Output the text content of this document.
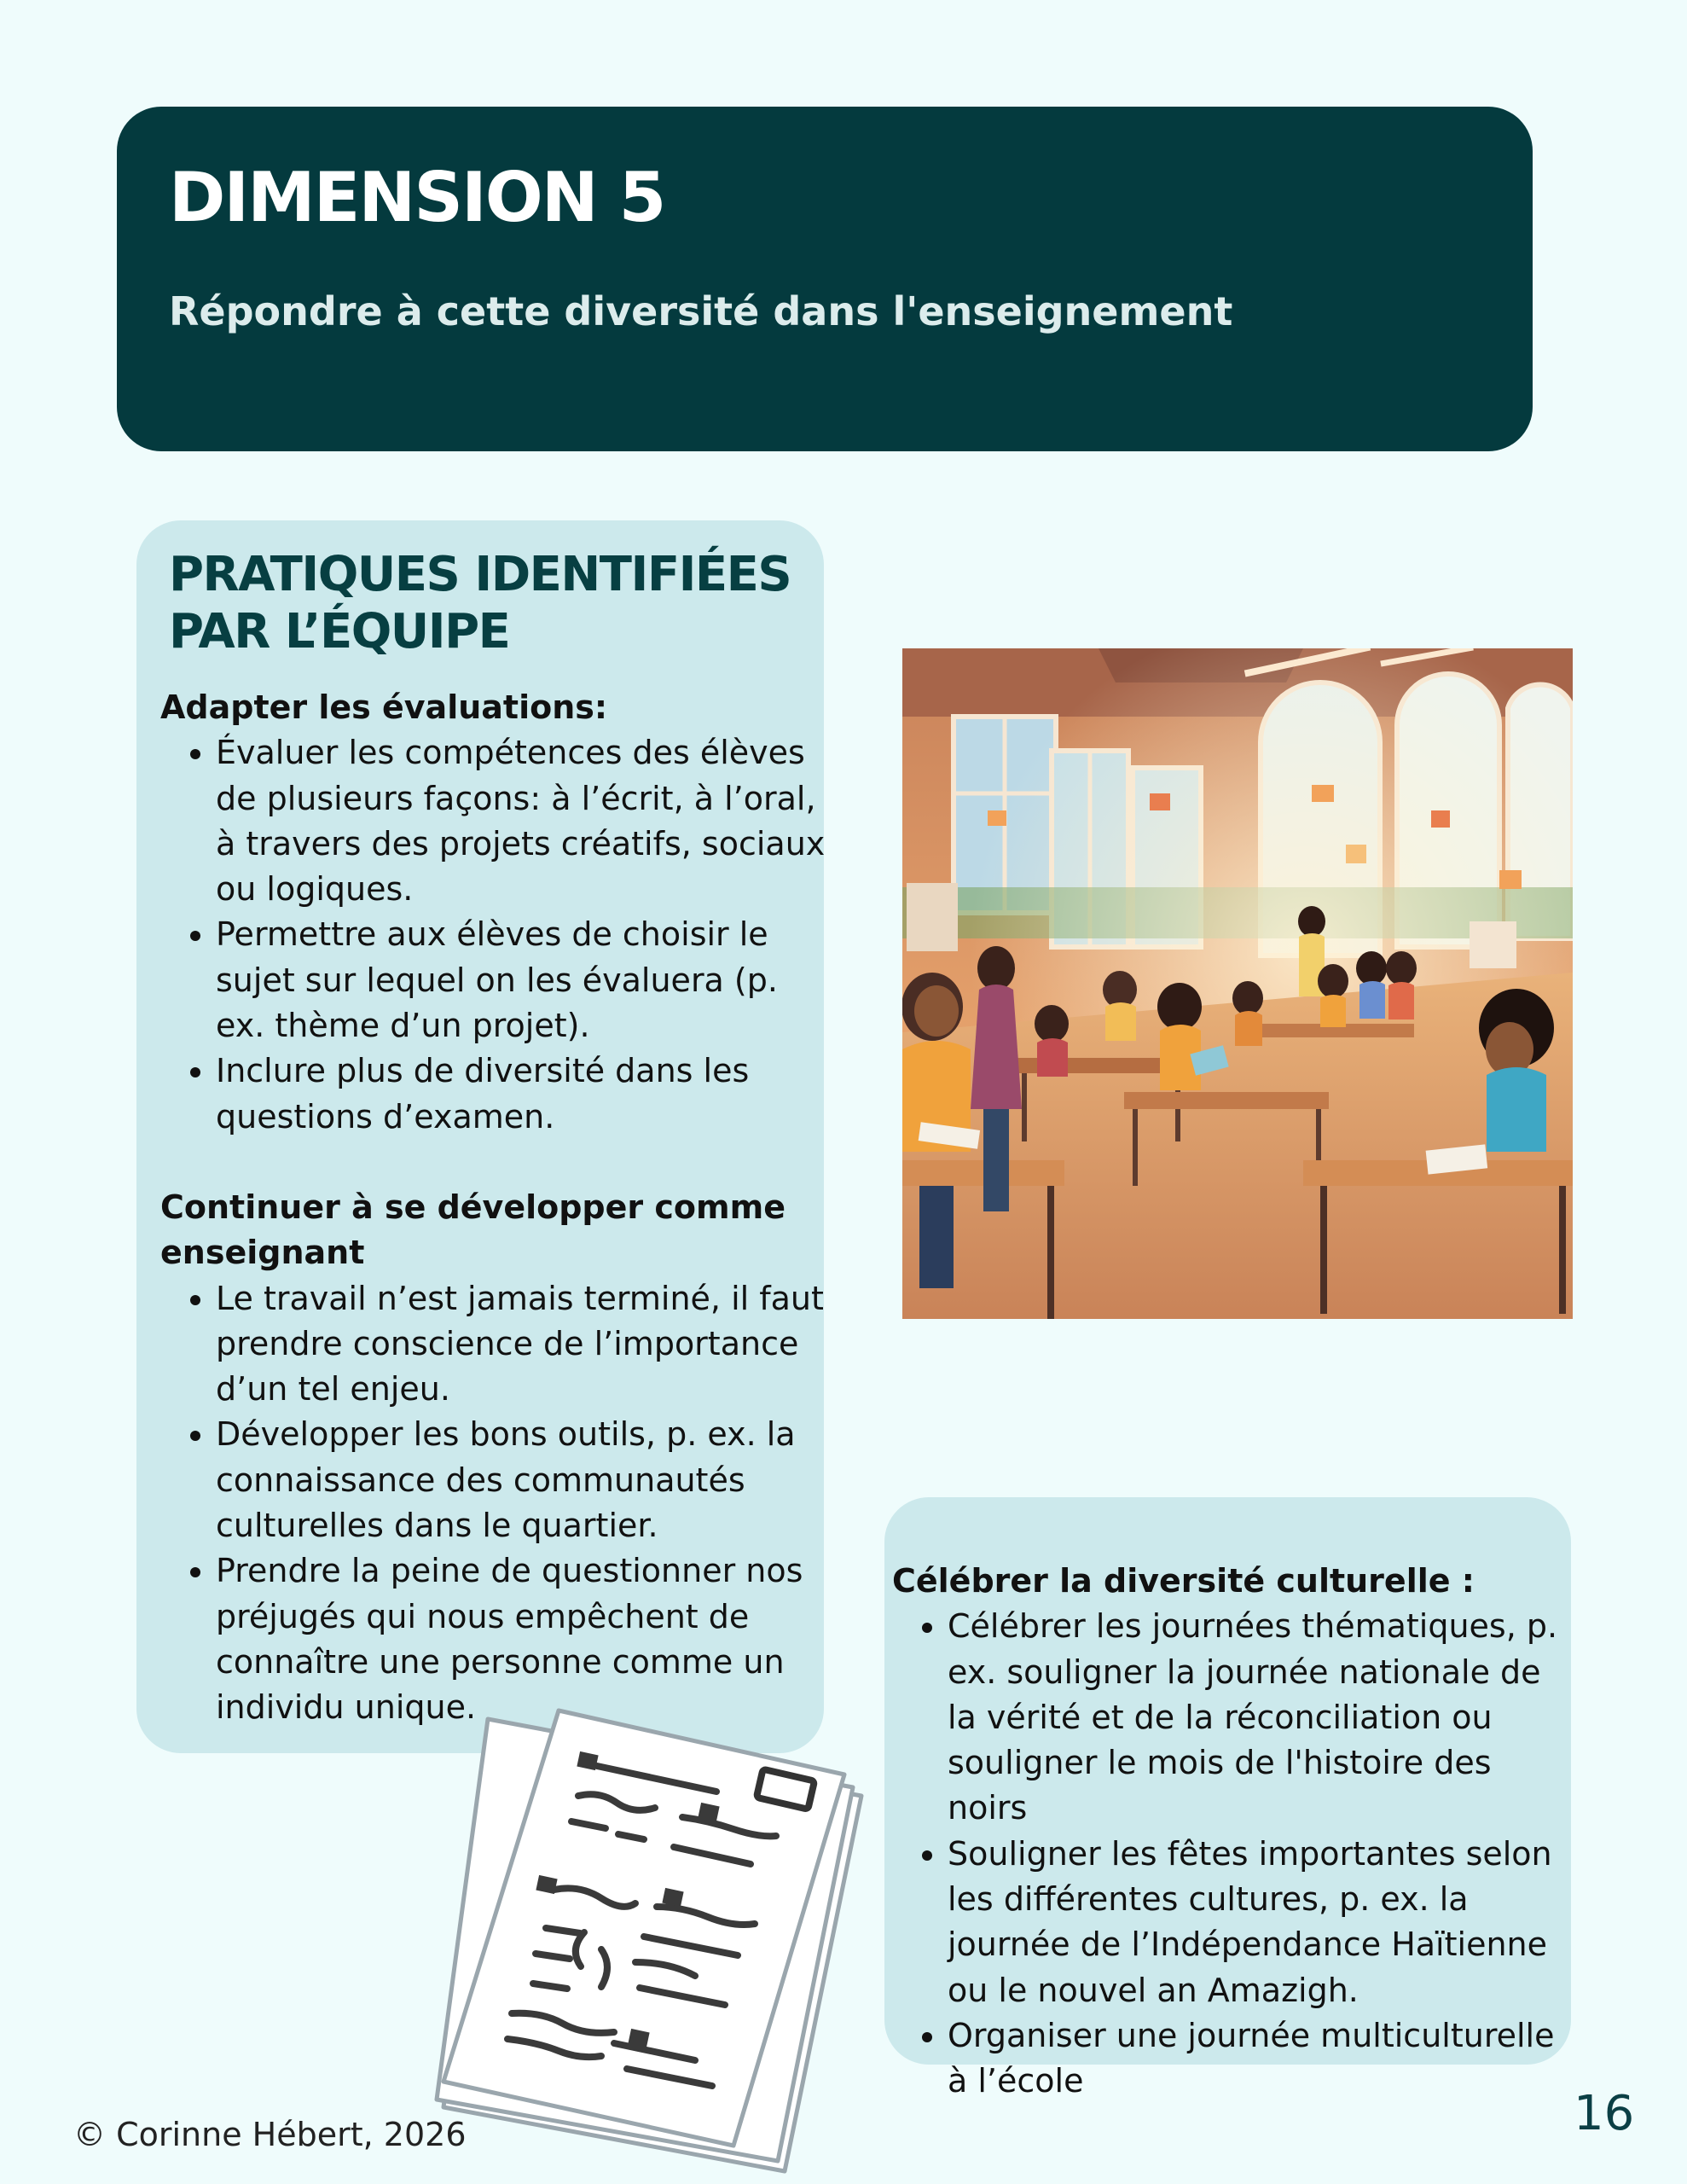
DIMENSION 5
Répondre à cette diversité dans l'enseignement
PRATIQUES IDENTIFIÉES
PAR L’ÉQUIPE

Adapter les évaluations:

• Évaluer les compétences des élèves de plusieurs façons: à l’écrit, à l’oral, à travers des projets créatifs, sociaux ou logiques.
• Permettre aux élèves de choisir le sujet sur lequel on les évaluera (p. ex. thème d’un projet).
• Inclure plus de diversité dans les questions d’examen.

Continuer à se développer comme enseignant

• Le travail n’est jamais terminé, il faut prendre conscience de l’importance d’un tel enjeu.
• Développer les bons outils, p. ex. la connaissance des communautés culturelles dans le quartier.
• Prendre la peine de questionner nos préjugés qui nous empêchent de connaître une personne comme un individu unique.

Célébrer la diversité culturelle :

• Célébrer les journées thématiques, p. ex. souligner la journée nationale de la vérité et de la réconciliation ou souligner le mois de l'histoire des noirs
• Souligner les fêtes importantes selon les différentes cultures, p. ex. la journée de l’Indépendance Haïtienne ou le nouvel an Amazigh.
• Organiser une journée multiculturelle à l’école
© Corinne Hébert, 2026	16
